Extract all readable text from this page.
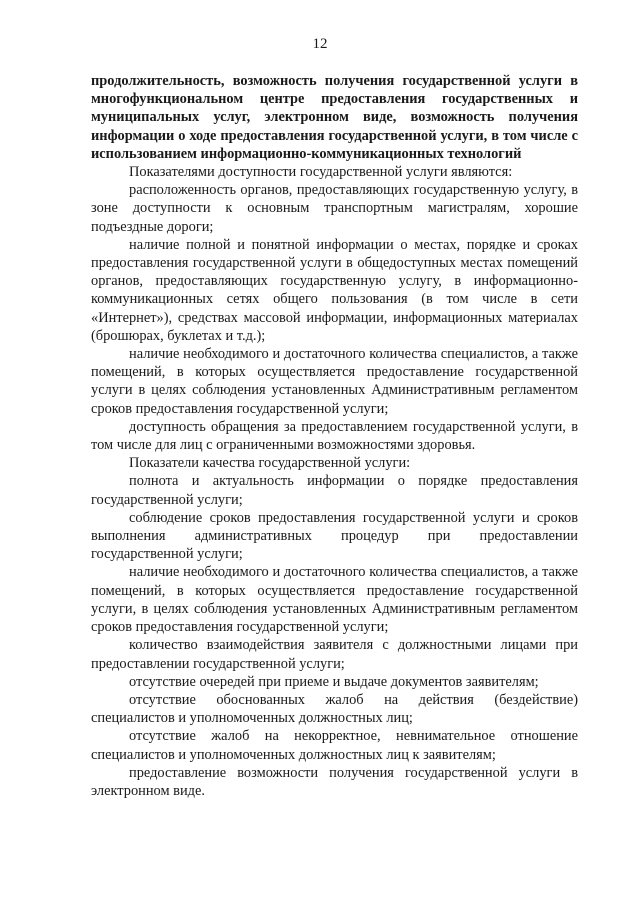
12

продолжительность, возможность получения государственной услуги в многофункциональном центре предоставления государственных и муниципальных услуг, электронном виде, возможность получения информации о ходе предоставления государственной услуги, в том числе с использованием информационно-коммуникационных технологий

Показателями доступности государственной услуги являются:

расположенность органов, предоставляющих государственную услугу, в зоне доступности к основным транспортным магистралям, хорошие подъездные дороги;

наличие полной и понятной информации о местах, порядке и сроках предоставления государственной услуги в общедоступных местах помещений органов, предоставляющих государственную услугу, в информационно-коммуникационных сетях общего пользования (в том числе в сети «Интернет»), средствах массовой информации, информационных материалах (брошюрах, буклетах и т.д.);

наличие необходимого и достаточного количества специалистов, а также помещений, в которых осуществляется предоставление государственной услуги в целях соблюдения установленных Административным регламентом сроков предоставления государственной услуги;

доступность обращения за предоставлением государственной услуги, в том числе для лиц с ограниченными возможностями здоровья.

Показатели качества государственной услуги:

полнота и актуальность информации о порядке предоставления государственной услуги;

соблюдение сроков предоставления государственной услуги и сроков выполнения административных процедур при предоставлении государственной услуги;

наличие необходимого и достаточного количества специалистов, а также помещений, в которых осуществляется предоставление государственной услуги, в целях соблюдения установленных Административным регламентом сроков предоставления государственной услуги;

количество взаимодействия заявителя с должностными лицами при предоставлении государственной услуги;

отсутствие очередей при приеме и выдаче документов заявителям;

отсутствие обоснованных жалоб на действия (бездействие) специалистов и уполномоченных должностных лиц;

отсутствие жалоб на некорректное, невнимательное отношение специалистов и уполномоченных должностных лиц к заявителям;

предоставление возможности получения государственной услуги в электронном виде.
